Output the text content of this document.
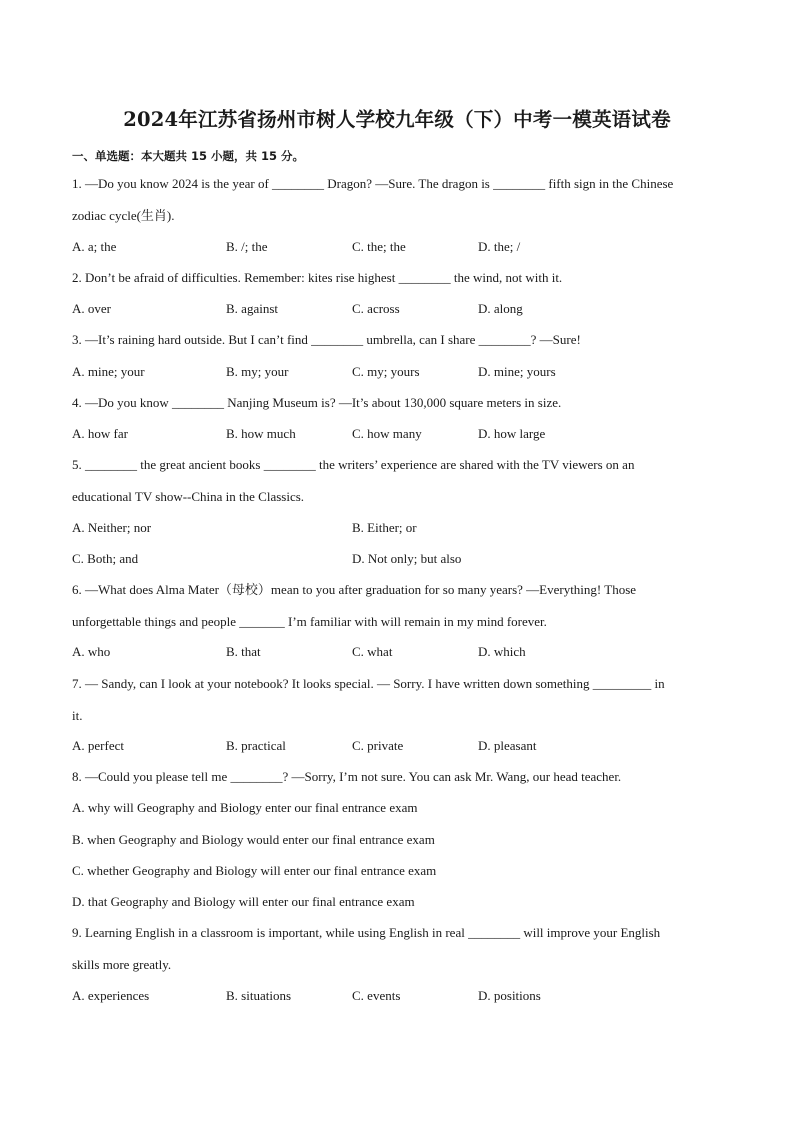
2024年江苏省扬州市树人学校九年级（下）中考一模英语试卷
一、单选题：本大题共 15 小题，共 15 分。
1. —Do you know 2024 is the year of ________ Dragon? —Sure. The dragon is ________ fifth sign in the Chinese
zodiac cycle(生肖).
A. a; the	B. /; the	C. the; the	D. the; /
2. Don’t be afraid of difficulties. Remember: kites rise highest ________ the wind, not with it.
A. over	B. against	C. across	D. along
3. —It’s raining hard outside. But I can’t find ________ umbrella, can I share ________? —Sure!
A. mine; your	B. my; your	C. my; yours	D. mine; yours
4. —Do you know ________ Nanjing Museum is? —It’s about 130,000 square meters in size.
A. how far	B. how much	C. how many	D. how large
5. ________ the great ancient books ________ the writers’ experience are shared with the TV viewers on an
educational TV show--China in the Classics.
A. Neither; nor	B. Either; or
C. Both; and	D. Not only; but also
6. —What does Alma Mater（母校）mean to you after graduation for so many years? —Everything! Those
unforgettable things and people _______ I’m familiar with will remain in my mind forever.
A. who	B. that	C. what	D. which
7. — Sandy, can I look at your notebook? It looks special. — Sorry. I have written down something _________ in
it.
A. perfect	B. practical	C. private	D. pleasant
8. —Could you please tell me ________? —Sorry, I’m not sure. You can ask Mr. Wang, our head teacher.
A. why will Geography and Biology enter our final entrance exam
B. when Geography and Biology would enter our final entrance exam
C. whether Geography and Biology will enter our final entrance exam
D. that Geography and Biology will enter our final entrance exam
9. Learning English in a classroom is important, while using English in real ________ will improve your English
skills more greatly.
A. experiences	B. situations	C. events	D. positions
